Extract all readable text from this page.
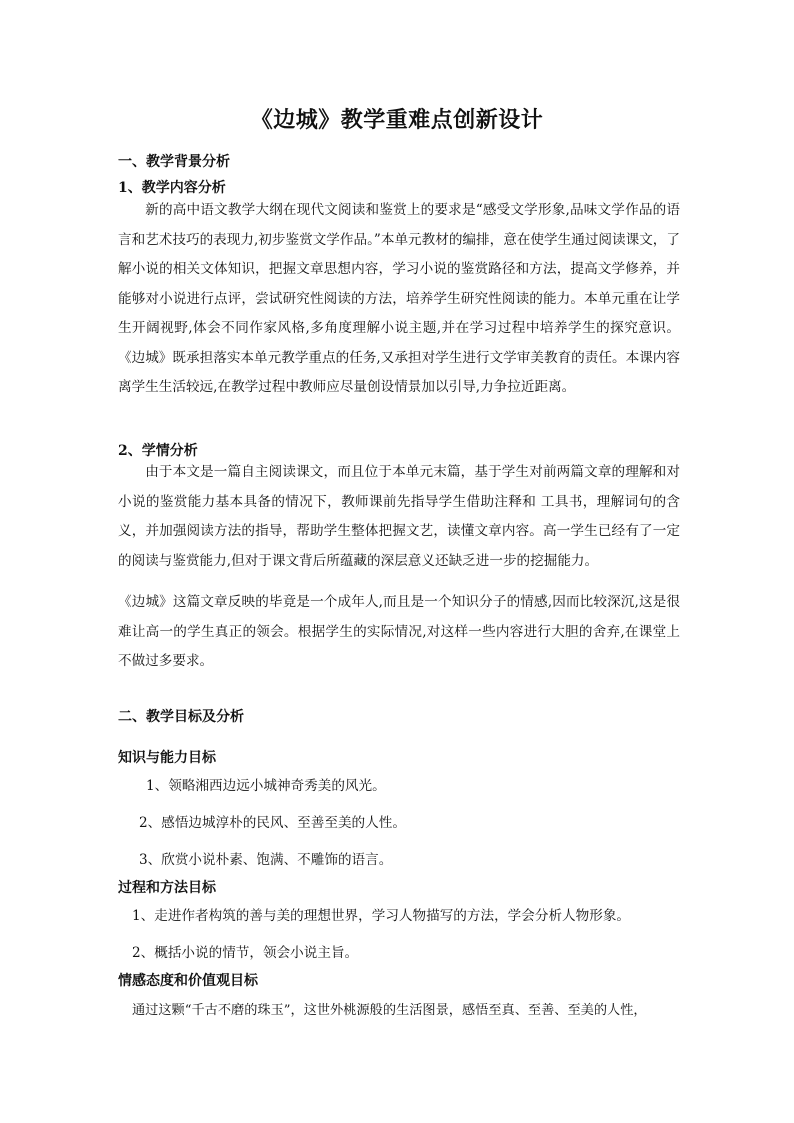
《边城》教学重难点创新设计
一、教学背景分析
1、教学内容分析

新的高中语文教学大纲在现代文阅读和鉴赏上的要求是“感受文学形象,品味文学作品的语言和艺术技巧的表现力,初步鉴赏文学作品。”本单元教材的编排，意在使学生通过阅读课文，了解小说的相关文体知识，把握文章思想内容，学习小说的鉴赏路径和方法，提高文学修养，并能够对小说进行点评，尝试研究性阅读的方法，培养学生研究性阅读的能力。本单元重在让学生开阔视野,体会不同作家风格,多角度理解小说主题,并在学习过程中培养学生的探究意识。《边城》既承担落实本单元教学重点的任务,又承担对学生进行文学审美教育的责任。本课内容离学生生活较远,在教学过程中教师应尽量创设情景加以引导,力争拉近距离。

2、学情分析

由于本文是一篇自主阅读课文，而且位于本单元末篇，基于学生对前两篇文章的理解和对小说的鉴赏能力基本具备的情况下，教师课前先指导学生借助注释和 工具书，理解词句的含义，并加强阅读方法的指导，帮助学生整体把握文艺，读懂文章内容。高一学生已经有了一定的阅读与鉴赏能力,但对于课文背后所蕴藏的深层意义还缺乏进一步的挖掘能力。

《边城》这篇文章反映的毕竟是一个成年人,而且是一个知识分子的情感,因而比较深沉,这是很难让高一的学生真正的领会。根据学生的实际情况,对这样一些内容进行大胆的舍弃,在课堂上不做过多要求。

二、教学目标及分析
知识与能力目标
1、领略湘西边远小城神奇秀美的风光。
2、感悟边城淳朴的民风、至善至美的人性。
3、欣赏小说朴素、饱满、不雕饰的语言。
过程和方法目标
1、走进作者构筑的善与美的理想世界，学习人物描写的方法，学会分析人物形象。
2、概括小说的情节，领会小说主旨。
情感态度和价值观目标
通过这颗“千古不磨的珠玉”，这世外桃源般的生活图景，感悟至真、至善、至美的人性，
